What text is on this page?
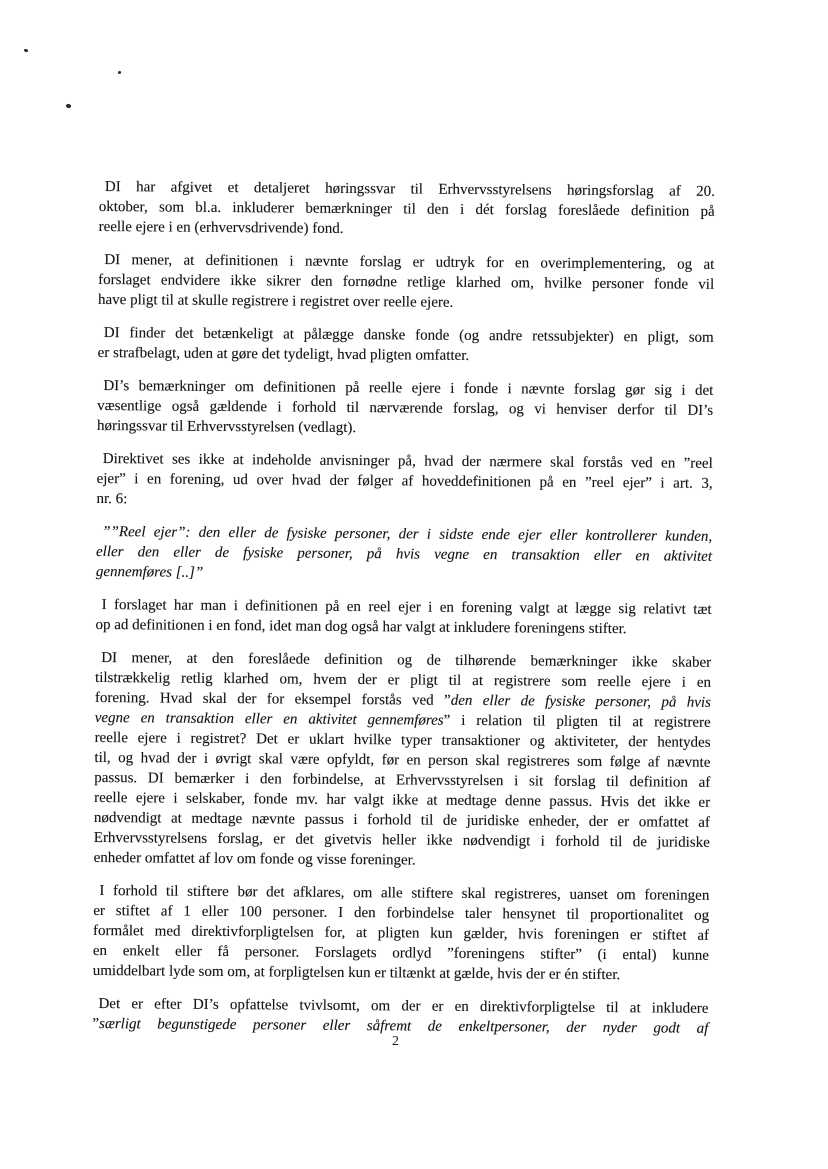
DI har afgivet et detaljeret høringssvar til Erhvervsstyrelsens høringsforslag af 20.
oktober, som bl.a. inkluderer bemærkninger til den i dét forslag foreslåede definition på
reelle ejere i en (erhvervsdrivende) fond.

DI mener, at definitionen i nævnte forslag er udtryk for en overimplementering, og at
forslaget endvidere ikke sikrer den fornødne retlige klarhed om, hvilke personer fonde vil
have pligt til at skulle registrere i registret over reelle ejere.

DI finder det betænkeligt at pålægge danske fonde (og andre retssubjekter) en pligt, som
er strafbelagt, uden at gøre det tydeligt, hvad pligten omfatter.

DI’s bemærkninger om definitionen på reelle ejere i fonde i nævnte forslag gør sig i det
væsentlige også gældende i forhold til nærværende forslag, og vi henviser derfor til DI’s
høringssvar til Erhvervsstyrelsen (vedlagt).

Direktivet ses ikke at indeholde anvisninger på, hvad der nærmere skal forstås ved en ”reel
ejer” i en forening, ud over hvad der følger af hoveddefinitionen på en ”reel ejer” i art. 3,
nr. 6:

””Reel ejer”: den eller de fysiske personer, der i sidste ende ejer eller kontrollerer kunden,
eller den eller de fysiske personer, på hvis vegne en transaktion eller en aktivitet
gennemføres [..]”

I forslaget har man i definitionen på en reel ejer i en forening valgt at lægge sig relativt tæt
op ad definitionen i en fond, idet man dog også har valgt at inkludere foreningens stifter.

DI mener, at den foreslåede definition og de tilhørende bemærkninger ikke skaber
tilstrækkelig retlig klarhed om, hvem der er pligt til at registrere som reelle ejere i en
forening. Hvad skal der for eksempel forstås ved ”den eller de fysiske personer, på hvis
vegne en transaktion eller en aktivitet gennemføres” i relation til pligten til at registrere
reelle ejere i registret? Det er uklart hvilke typer transaktioner og aktiviteter, der hentydes
til, og hvad der i øvrigt skal være opfyldt, før en person skal registreres som følge af nævnte
passus. DI bemærker i den forbindelse, at Erhvervsstyrelsen i sit forslag til definition af
reelle ejere i selskaber, fonde mv. har valgt ikke at medtage denne passus. Hvis det ikke er
nødvendigt at medtage nævnte passus i forhold til de juridiske enheder, der er omfattet af
Erhvervsstyrelsens forslag, er det givetvis heller ikke nødvendigt i forhold til de juridiske
enheder omfattet af lov om fonde og visse foreninger.

I forhold til stiftere bør det afklares, om alle stiftere skal registreres, uanset om foreningen
er stiftet af 1 eller 100 personer. I den forbindelse taler hensynet til proportionalitet og
formålet med direktivforpligtelsen for, at pligten kun gælder, hvis foreningen er stiftet af
en enkelt eller få personer. Forslagets ordlyd ”foreningens stifter” (i ental) kunne
umiddelbart lyde som om, at forpligtelsen kun er tiltænkt at gælde, hvis der er én stifter.

Det er efter DI’s opfattelse tvivlsomt, om der er en direktivforpligtelse til at inkludere
”særligt begunstigede personer eller såfremt de enkeltpersoner, der nyder godt af

2
